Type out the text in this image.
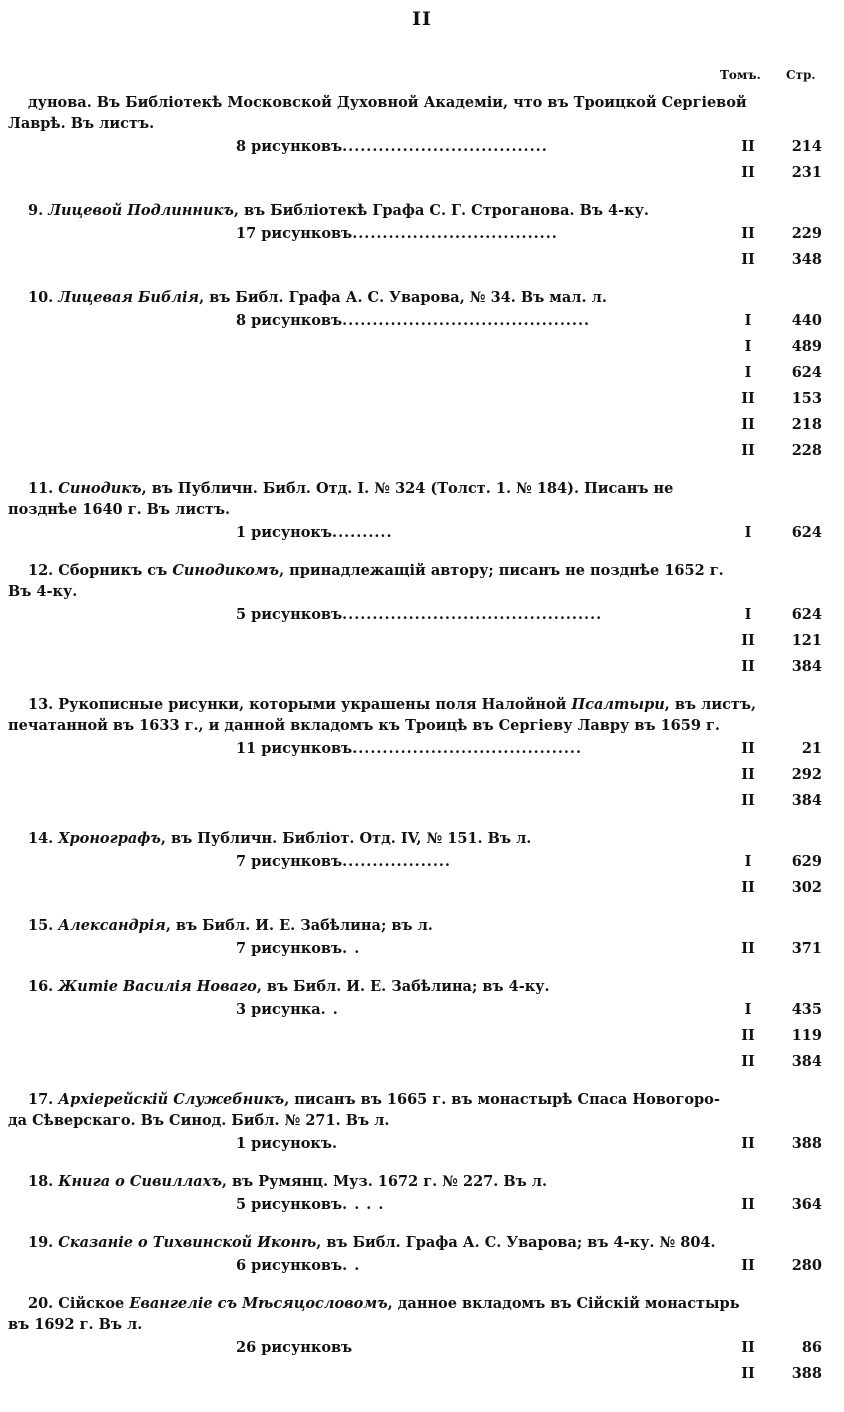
II
Томъ. Стр.
дунова. Въ Библіотекѣ Московской Духовной Академіи, что въ Троицкой Сергіевой
Лаврѣ. Въ листъ.
8 рисунковъ..................................	II	214
II	231
9. Лицевой Подлинникъ, въ Библіотекѣ Графа С. Г. Строганова. Въ 4-ку.
17 рисунковъ..................................	II	229
II	348
10. Лицевая Библія, въ Библ. Графа А. С. Уварова, № 34. Въ мал. л.
8 рисунковъ.........................................	I	440
I	489
I	624
II	153
II	218
II	228
11. Синодикъ, въ Публичн. Библ. Отд. I. № 324 (Толст. 1. № 184). Писанъ не
позднѣе 1640 г. Въ листъ.
1 рисунокъ..........	I	624
12. Сборникъ съ Синодикомъ, принадлежащій автору; писанъ не позднѣе 1652 г.
Въ 4-ку.
5 рисунковъ...........................................	I	624
II	121
II	384
13. Рукописные рисунки, которыми украшены поля Налойной Псалтыри, въ листъ,
печатанной въ 1633 г., и данной вкладомъ къ Троицѣ въ Сергіеву Лавру въ 1659 г.
11 рисунковъ......................................	II	21
II	292
II	384
14. Хронографъ, въ Публичн. Библіот. Отд. IV, № 151. Въ л.
7 рисунковъ..................	I	629
II	302
15. Александрія, въ Библ. И. Е. Забѣлина; въ л.
7 рисунковъ. .	II	371
16. Житіе Василія Новаго, въ Библ. И. Е. Забѣлина; въ 4-ку.
3 рисунка. .	I	435
II	119
II	384
17. Архіерейскій Служебникъ, писанъ въ 1665 г. въ монастырѣ Спаса Новогоро-
да Сѣверскаго. Въ Синод. Библ. № 271. Въ л.
1 рисунокъ.	II	388
18. Книга о Сивиллахъ, въ Румянц. Муз. 1672 г. № 227. Въ л.
5 рисунковъ. . . .	II	364
19. Сказаніе о Тихвинской Иконѣ, въ Библ. Графа А. С. Уварова; въ 4-ку. № 804.
6 рисунковъ. .	II	280
20. Сійское Евангеліе съ Мѣсяцословомъ, данное вкладомъ въ Сійскій монастырь
въ 1692 г. Въ л.
26 рисунковъ	II	86
II	388
